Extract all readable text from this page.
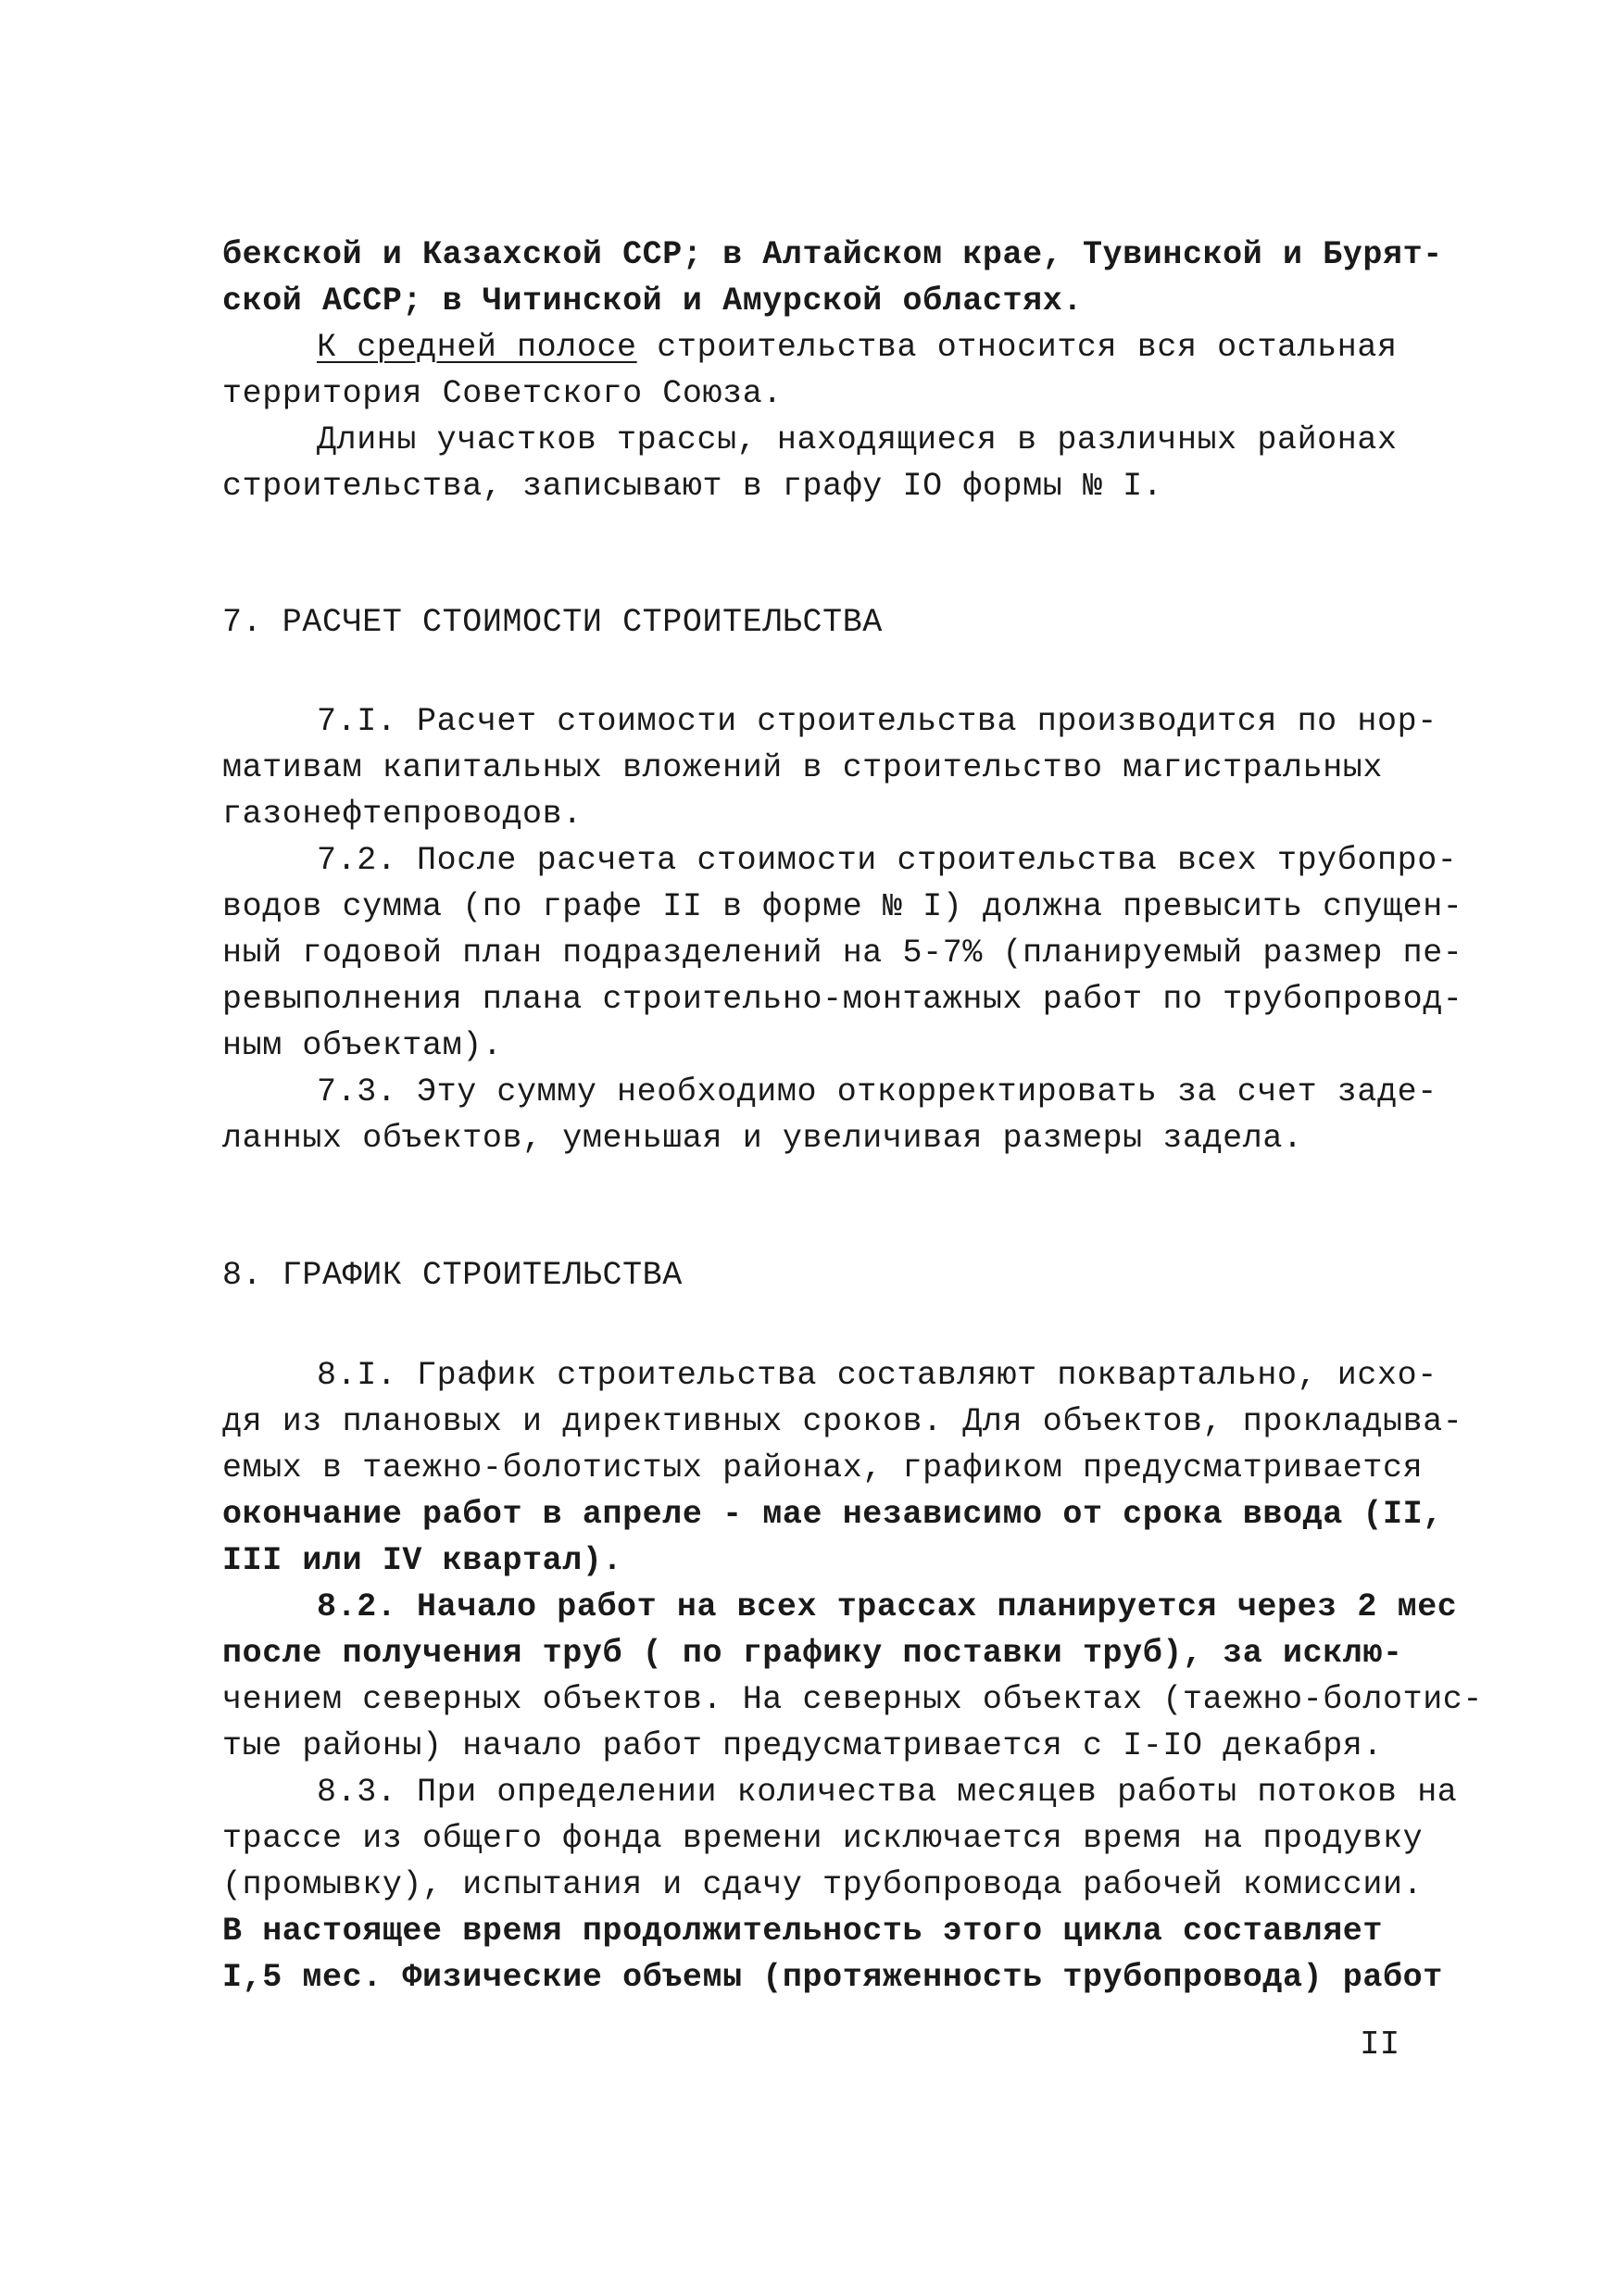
бекской и Казахской ССР; в Алтайском крае, Тувинской и Бурят-
ской АССР; в Читинской и Амурской областях.
К средней полосе строительства относится вся остальная
территория Советского Союза.
Длины участков трассы, находящиеся в различных районах
строительства, записывают в графу IO формы № I.
7. РАСЧЕТ СТОИМОСТИ СТРОИТЕЛЬСТВА
7.I. Расчет стоимости строительства производится по нор-
мативам капитальных вложений в строительство магистральных
газонефтепроводов.
7.2. После расчета стоимости строительства всех трубопро-
водов сумма (по графе II в форме № I) должна превысить спущен-
ный годовой план подразделений на 5-7% (планируемый размер пе-
ревыполнения плана строительно-монтажных работ по трубопровод-
ным объектам).
7.3. Эту сумму необходимо откорректировать за счет заде-
ланных объектов, уменьшая и увеличивая размеры задела.
8. ГРАФИК СТРОИТЕЛЬСТВА
8.I. График строительства составляют поквартально, исхо-
дя из плановых и директивных сроков. Для объектов, прокладыва-
емых в таежно-болотистых районах, графиком предусматривается
окончание работ в апреле - мае независимо от срока ввода (II,
III или IV квартал).
8.2. Начало работ на всех трассах планируется через 2 мес
после получения труб ( по графику поставки труб), за исклю-
чением северных объектов. На северных объектах (таежно-болотис-
тые районы) начало работ предусматривается с I-IO декабря.
8.3. При определении количества месяцев работы потоков на
трассе из общего фонда времени исключается время на продувку
(промывку), испытания и сдачу трубопровода рабочей комиссии.
В настоящее время продолжительность этого цикла составляет
I,5 мес. Физические объемы (протяженность трубопровода) работ
II
